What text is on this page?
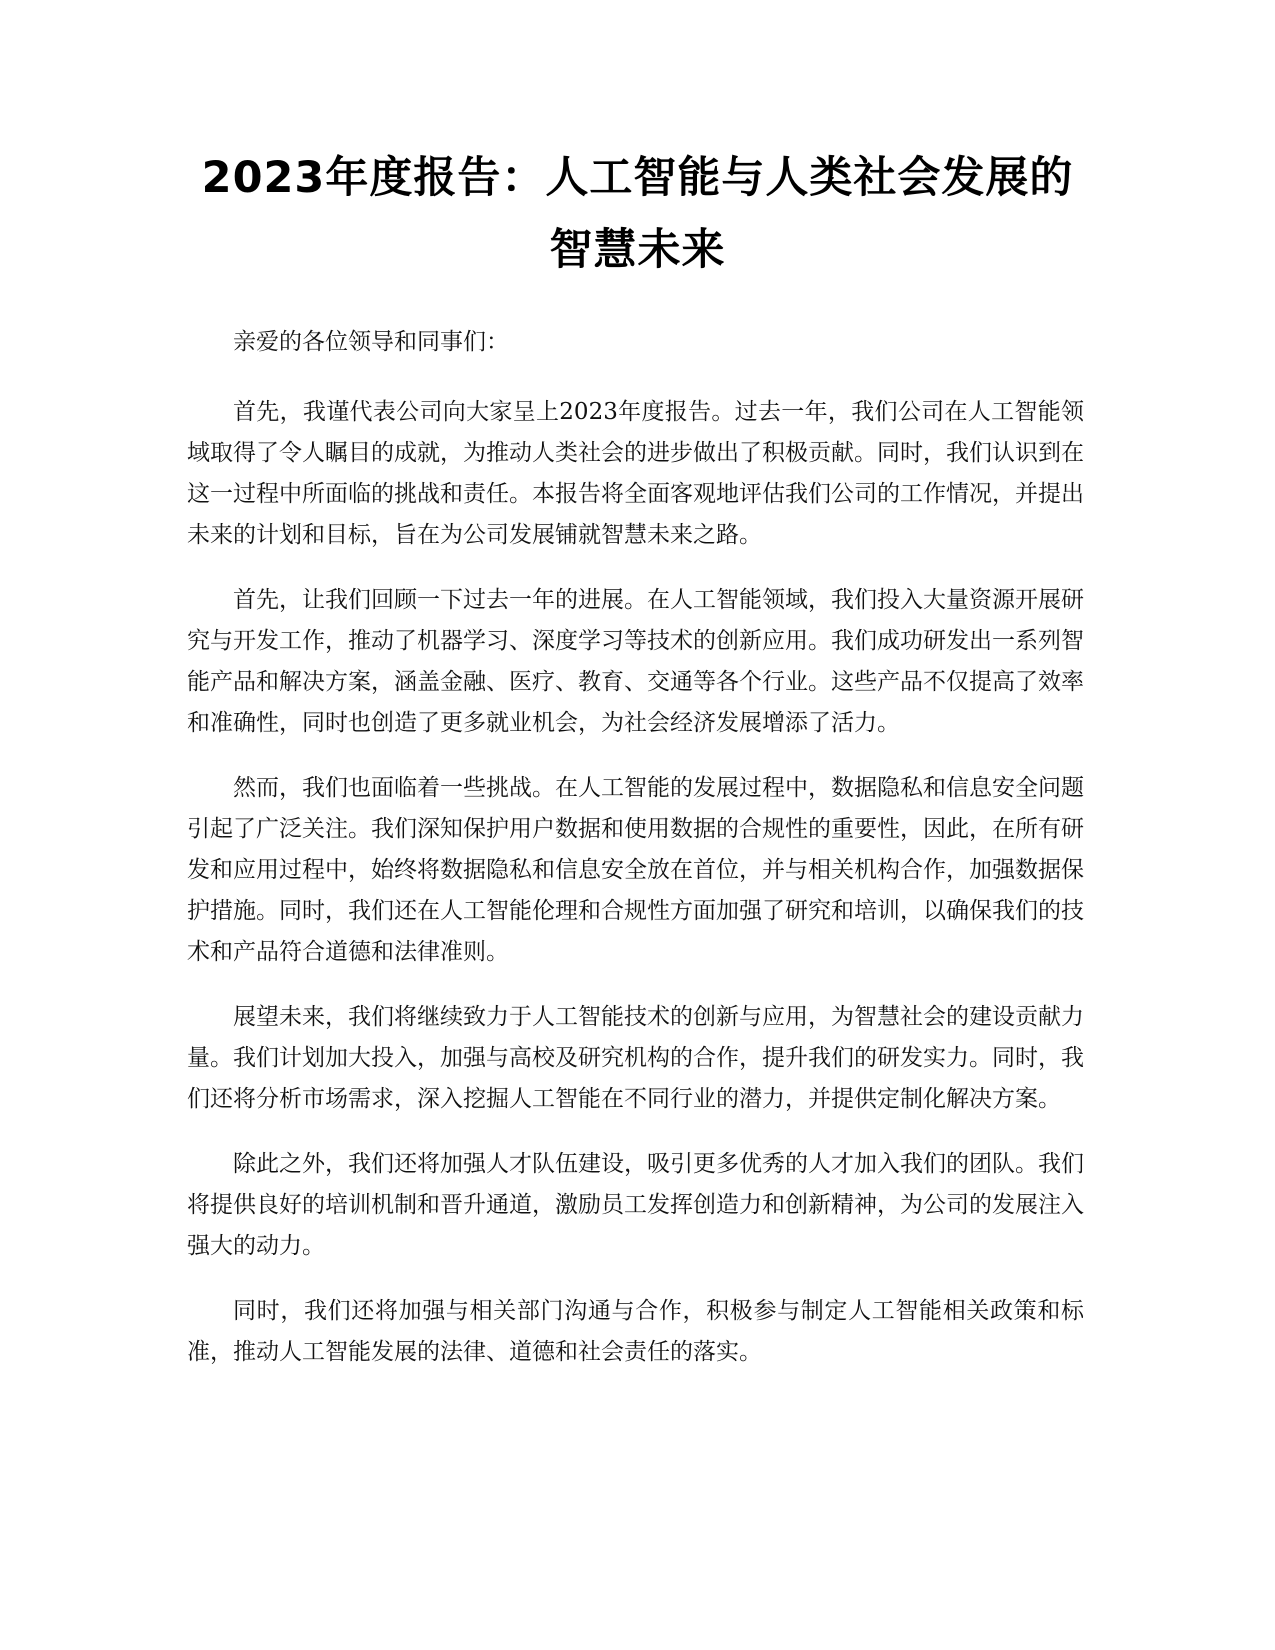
2023年度报告：人工智能与人类社会发展的
智慧未来

亲爱的各位领导和同事们：

首先，我谨代表公司向大家呈上2023年度报告。过去一年，我们公司在人工智能领域取得了令人瞩目的成就，为推动人类社会的进步做出了积极贡献。同时，我们认识到在这一过程中所面临的挑战和责任。本报告将全面客观地评估我们公司的工作情况，并提出未来的计划和目标，旨在为公司发展铺就智慧未来之路。

首先，让我们回顾一下过去一年的进展。在人工智能领域，我们投入大量资源开展研究与开发工作，推动了机器学习、深度学习等技术的创新应用。我们成功研发出一系列智能产品和解决方案，涵盖金融、医疗、教育、交通等各个行业。这些产品不仅提高了效率和准确性，同时也创造了更多就业机会，为社会经济发展增添了活力。

然而，我们也面临着一些挑战。在人工智能的发展过程中，数据隐私和信息安全问题引起了广泛关注。我们深知保护用户数据和使用数据的合规性的重要性，因此，在所有研发和应用过程中，始终将数据隐私和信息安全放在首位，并与相关机构合作，加强数据保护措施。同时，我们还在人工智能伦理和合规性方面加强了研究和培训，以确保我们的技术和产品符合道德和法律准则。

展望未来，我们将继续致力于人工智能技术的创新与应用，为智慧社会的建设贡献力量。我们计划加大投入，加强与高校及研究机构的合作，提升我们的研发实力。同时，我们还将分析市场需求，深入挖掘人工智能在不同行业的潜力，并提供定制化解决方案。

除此之外，我们还将加强人才队伍建设，吸引更多优秀的人才加入我们的团队。我们将提供良好的培训机制和晋升通道，激励员工发挥创造力和创新精神，为公司的发展注入强大的动力。

同时，我们还将加强与相关部门沟通与合作，积极参与制定人工智能相关政策和标准，推动人工智能发展的法律、道德和社会责任的落实。
